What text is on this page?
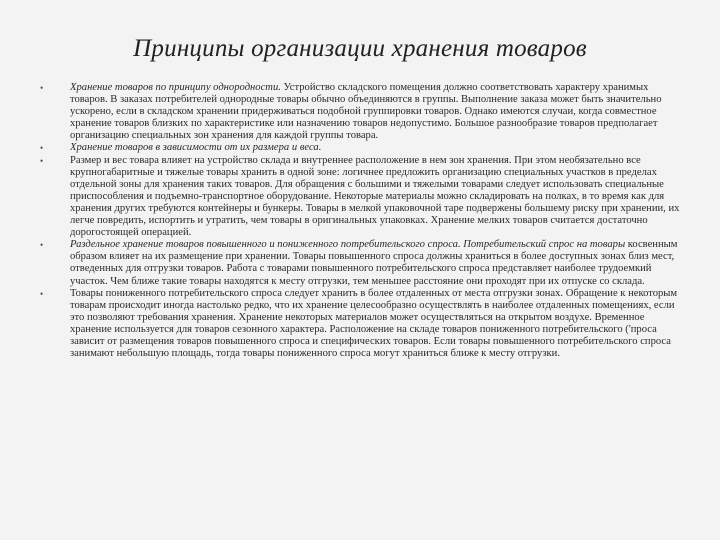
Принципы организации хранения товаров
•	Хранение товаров по принципу однородности. Устройство складского помещения должно соответствовать характеру хранимых товаров. В заказах потребителей однородные товары обычно объединяются в группы. Выполнение заказа может быть значительно ускорено, если в складском хранении придерживаться подобной группировки товаров. Однако имеются случаи, когда совместное хранение товаров близких по характеристике или назначению товаров недопустимо. Большое разнообразие товаров предполагает организацию специальных зон хранения для каждой группы товара.
•	Хранение товаров в зависимости от их размера и веса.
•	Размер и вес товара влияет на устройство склада и внутреннее расположение в нем зон хранения. При этом необязательно все крупногабаритные и тяжелые товары хранить в одной зоне: логичнее предложить организацию специальных участков в пределах отдельной зоны для хранения таких товаров. Для обращения с большими и тяжелыми товарами следует использовать специальные приспособления и подъемно-транспортное оборудование. Некоторые материалы можно складировать на полках, в то время как для хранения других требуются контейнеры и бункеры. Товары в мелкой упаковочной таре подвержены большему риску при хранении, их легче повредить, испортить и утратить, чем товары в оригинальных упаковках. Хранение мелких товаров считается достаточно дорогостоящей операцией.
•	Раздельное хранение товаров повышенного и пониженного потребительского спроса. Потребительский спрос на товары косвенным образом влияет на их размещение при хранении. Товары повышенного спроса должны храниться в более доступных зонах близ мест, отведенных для отгрузки товаров. Работа с товарами повышенного потребительского спроса представляет наиболее трудоемкий участок. Чем ближе такие товары находятся к месту отгрузки, тем меньшее расстояние они проходят при их отпуске со склада.
•	Товары пониженного потребительского спроса следует хранить в более отдаленных от места отгрузки зонах. Обращение к некоторым товарам происходит иногда настолько редко, что их хранение целесообразно осуществлять в наиболее отдаленных помещениях, если это позволяют требования хранения. Хранение некоторых материалов может осуществляться на открытом воздухе. Временное хранение используется для товаров сезонного характера. Расположение на складе товаров пониженного потребительского ('проса зависит от размещения товаров повышенного спроса и специфических товаров. Если товары повышенного потребительского спроса занимают небольшую площадь, тогда товары пониженного спроса могут храниться ближе к месту отгрузки.
